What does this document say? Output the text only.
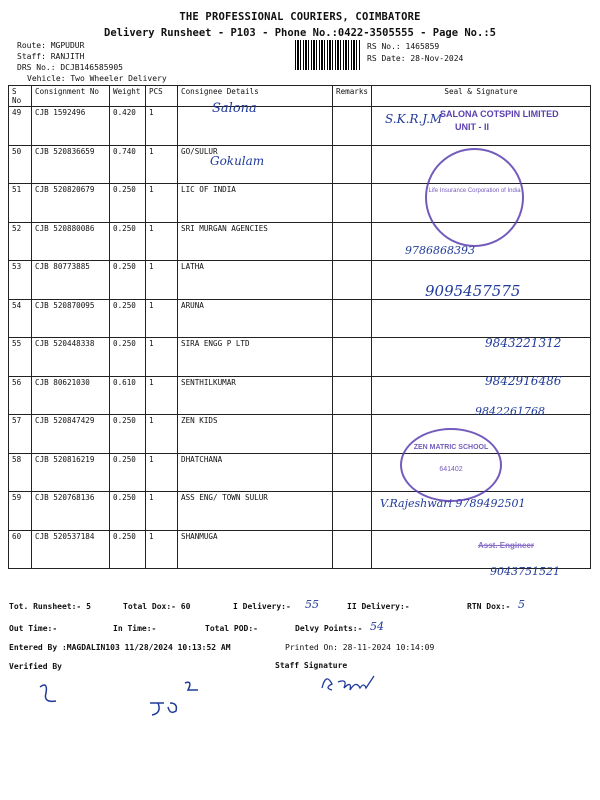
THE PROFESSIONAL COURIERS, COIMBATORE
Delivery Runsheet - P103 - Phone No.:0422-3505555 - Page No.:5
Route: MGPUDUR
Staff: RANJITH
DRS No.: DCJB146585905
Vehicle: Two Wheeler Delivery
RS No.: 1465859
RS Date: 28-Nov-2024
S No	Consignment No	Weight	PCS	Consignee Details	Remarks	Seal & Signature
49	CJB 1592496	0.420	1			
50	CJB 520836659	0.740	1	GO/SULUR		
51	CJB 520820679	0.250	1	LIC OF INDIA		
52	CJB 520880086	0.250	1	SRI MURGAN AGENCIES		
53	CJB 80773885	0.250	1	LATHA		
54	CJB 520870095	0.250	1	ARUNA		
55	CJB 520448338	0.250	1	SIRA ENGG P LTD		
56	CJB 80621030	0.610	1	SENTHILKUMAR		
57	CJB 520847429	0.250	1	ZEN KIDS		
58	CJB 520816219	0.250	1	DHATCHANA		
59	CJB 520768136	0.250	1	ASS ENG/ TOWN SULUR		
60	CJB 520537184	0.250	1	SHANMUGA		
Salona
S.K.R.J.M
Gokulam
9786868393
9095457575
9843221312
9842916486
9842261768
V.Rajeshwari 9789492501
9043751521
SALONA COTSPIN LIMITED
UNIT - II
Life Insurance Corporation of India
ZEN MATRIC SCHOOL
641402
Asst. Engineer
Tot. Runsheet:- 5	Total Dox:- 60	I Delivery:- 55	II Delivery:-	RTN Dox:- 5
Out Time:-	In Time:-	Total POD:-	Delvy Points:- 54
Entered By :MAGDALIN103 11/28/2024 10:13:52 AM	Printed On: 28-11-2024 10:14:09
Verified By	Staff Signature
